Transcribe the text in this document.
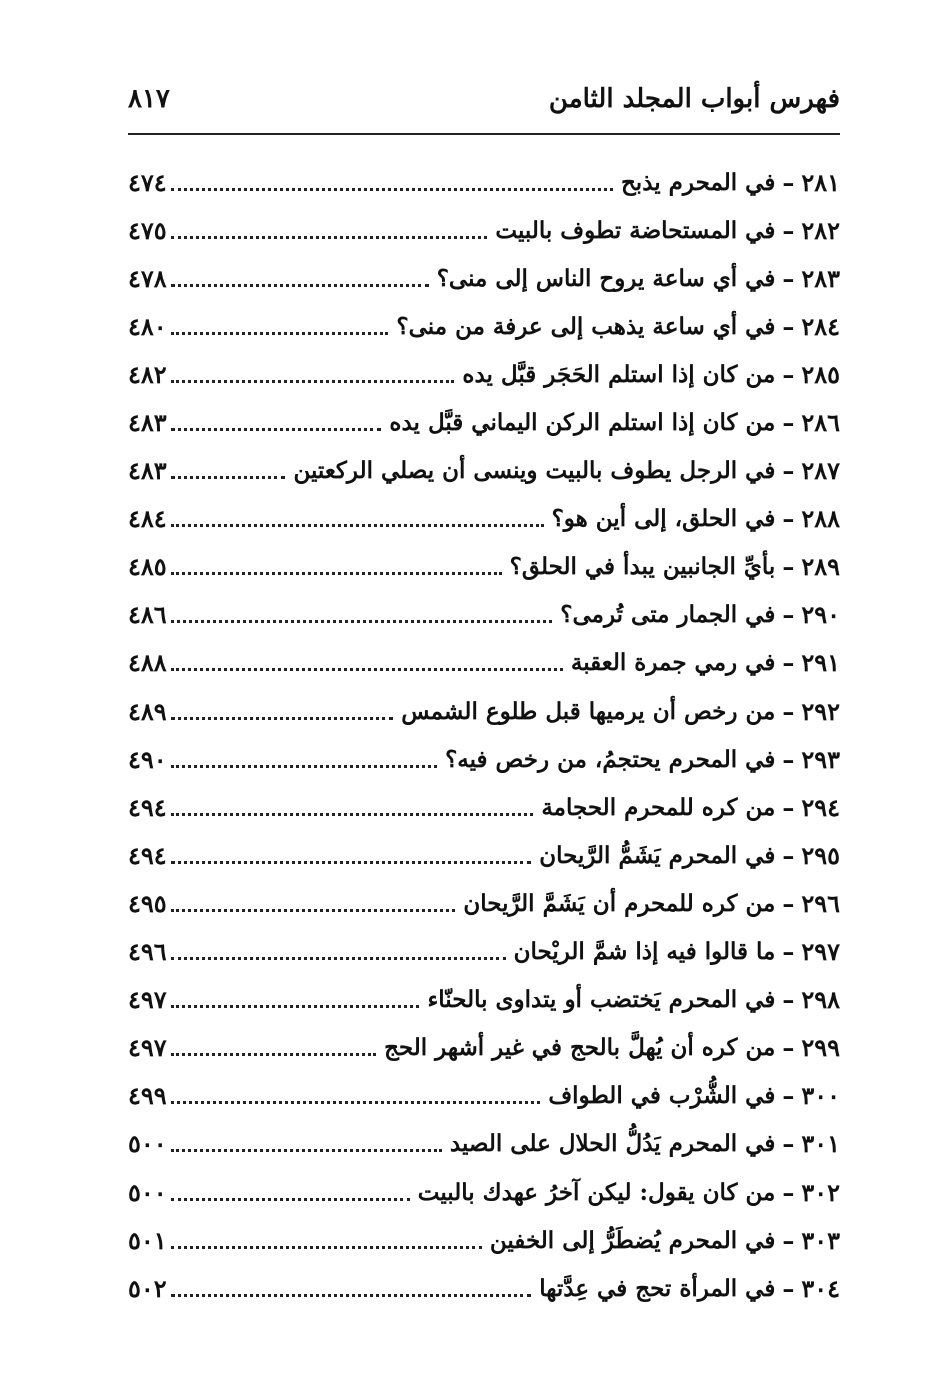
فهرس أبواب المجلد الثامن
٨١٧
٢٨١
–
في المحرم يذبح
٤٧٤
٢٨٢
–
في المستحاضة تطوف بالبيت
٤٧٥
٢٨٣
–
في أي ساعة يروح الناس إلى منى؟
٤٧٨
٢٨٤
–
في أي ساعة يذهب إلى عرفة من منى؟
٤٨٠
٢٨٥
–
من كان إذا استلم الحَجَر قبَّل يده
٤٨٢
٢٨٦
–
من كان إذا استلم الركن اليماني قبَّل يده
٤٨٣
٢٨٧
–
في الرجل يطوف بالبيت وينسى أن يصلي الركعتين
٤٨٣
٢٨٨
–
في الحلق، إلى أين هو؟
٤٨٤
٢٨٩
–
بأيِّ الجانبين يبدأ في الحلق؟
٤٨٥
٢٩٠
–
في الجمار متى تُرمى؟
٤٨٦
٢٩١
–
في رمي جمرة العقبة
٤٨٨
٢٩٢
–
من رخص أن يرميها قبل طلوع الشمس
٤٨٩
٢٩٣
–
في المحرم يحتجمُ، من رخص فيه؟
٤٩٠
٢٩٤
–
من كره للمحرم الحجامة
٤٩٤
٢٩٥
–
في المحرم يَشَمُّ الرَّيحان
٤٩٤
٢٩٦
–
من كره للمحرم أن يَشَمَّ الرَّيحان
٤٩٥
٢٩٧
–
ما قالوا فيه إذا شمَّ الريْحان
٤٩٦
٢٩٨
–
في المحرم يَختضب أو يتداوى بالحنّاء
٤٩٧
٢٩٩
–
من كره أن يُهلَّ بالحج في غير أشهر الحج
٤٩٧
٣٠٠
–
في الشُّرْب في الطواف
٤٩٩
٣٠١
–
في المحرم يَدُلُّ الحلال على الصيد
٥٠٠
٣٠٢
–
من كان يقول: ليكن آخرُ عهدك بالبيت
٥٠٠
٣٠٣
–
في المحرم يُضطَرُّ إلى الخفين
٥٠١
٣٠٤
–
في المرأة تحج في عِدَّتها
٥٠٢
